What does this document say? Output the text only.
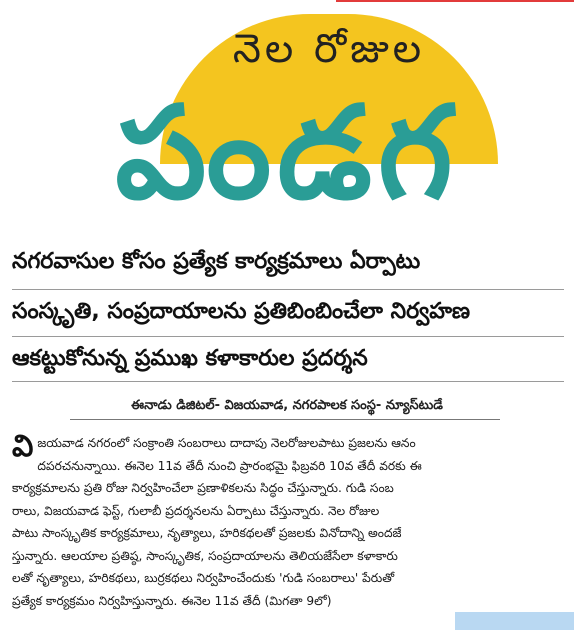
నెల రోజుల
పండగ
నగరవాసుల కోసం ప్రత్యేక కార్యక్రమాలు ఏర్పాటు
సంస్కృతి, సంప్రదాయాలను ప్రతిబింబించేలా నిర్వహణ
ఆకట్టుకోనున్న ప్రముఖ కళాకారుల ప్రదర్శన
ఈనాడు డిజిటల్‌- విజయవాడ, నగరపాలక సంస్థ- న్యూస్‌టుడే
వి జయవాడ నగరంలో సంక్రాంతి సంబరాలు దాదాపు నెలరోజులపాటు ప్రజలను ఆనం
దపరచనున్నాయి. ఈనెల 11వ తేదీ నుంచి ప్రారంభమై ఫిబ్రవరి 10వ తేదీ వరకు ఈ
కార్యక్రమాలను ప్రతి రోజు నిర్వహించేలా ప్రణాళికలను సిద్ధం చేస్తున్నారు. గుడి సంబ
రాలు, విజయవాడ ఫెస్ట్‌, గులాబీ ప్రదర్శనలను ఏర్పాటు చేస్తున్నారు. నెల రోజుల
పాటు సాంస్కృతిక కార్యక్రమాలు, నృత్యాలు, హరికథలతో ప్రజలకు వినోదాన్ని అందజే
స్తున్నారు. ఆలయాల ప్రతిష్ఠ, సాంస్కృతిక, సంప్రదాయాలను తెలియజేసేలా కళాకారు
లతో నృత్యాలు, హరికథలు, బుర్రకథలు నిర్వహించేందుకు 'గుడి సంబరాలు' పేరుతో
ప్రత్యేక కార్యక్రమం నిర్వహిస్తున్నారు. ఈనెల 11వ తేదీ (మిగతా 9లో)
